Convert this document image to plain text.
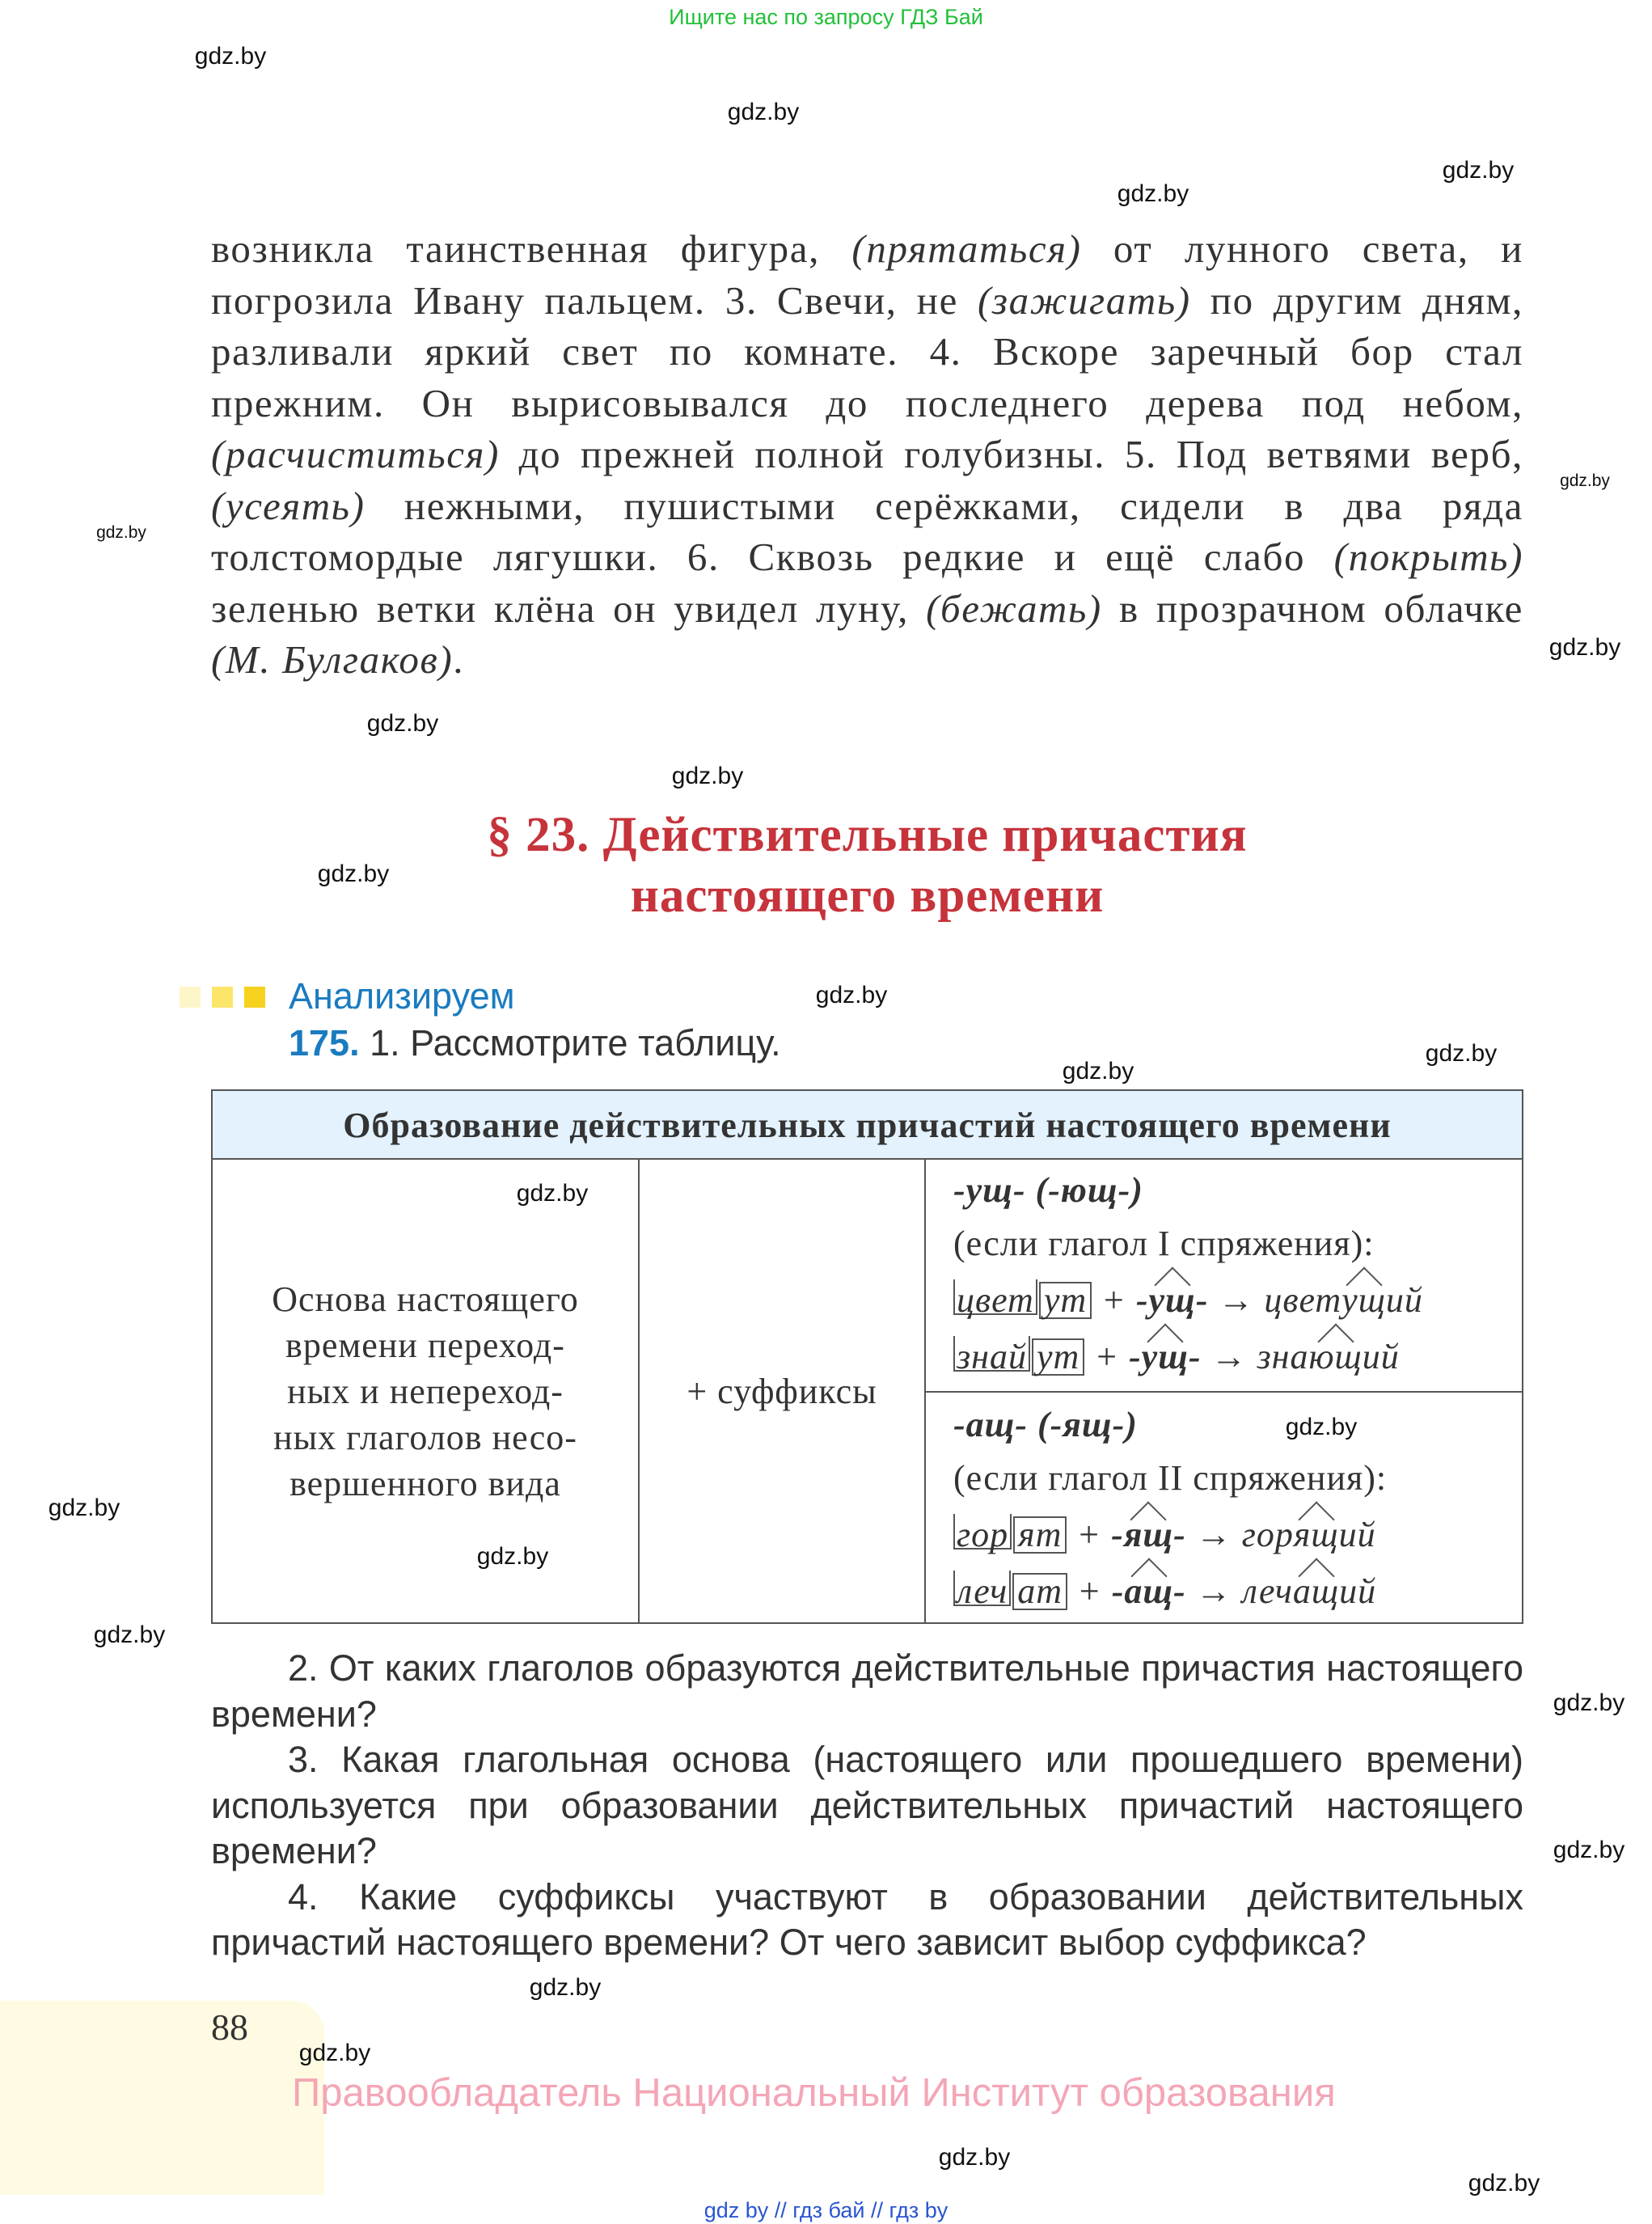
Ищите нас по запросу ГДЗ Бай
возникла таинственная фигура, (прятаться) от лунного света, и погрозила Ивану пальцем. 3. Свечи, не (зажигать) по другим дням, разливали яркий свет по комнате. 4. Вскоре заречный бор стал прежним. Он вырисовывался до последнего дерева под небом, (расчиститься) до прежней полной голубизны. 5. Под ветвями верб, (усеять) нежными, пушистыми серёжками, сидели в два ряда толстомордые лягушки. 6. Сквозь редкие и ещё слабо (покрыть) зеленью ветки клёна он увидел луну, (бежать) в прозрачном облачке (М. Булгаков).
§ 23. Действительные причастия
настоящего времени
Анализируем
175. 1. Рассмотрите таблицу.
Образование действительных причастий настоящего времени
Основа настоящего
времени переход-
ных и непереход-
ных глаголов несо-
вершенного вида
+ суффиксы
-ущ- (-ющ-)
(если глагол I спряжения):
цвет ут + -ущ- → цветущий
знай ут + -ущ- → знающий
-ащ- (-ящ-)
(если глагол II спряжения):
гор ят + -ящ- → горящий
леч ат + -ащ- → лечащий

2. От каких глаголов образуются действительные причастия настоящего времени?

3. Какая глагольная основа (настоящего или прошедшего времени) используется при образовании действительных причастий настоящего времени?

4. Какие суффиксы участвуют в образовании действительных причастий настоящего времени? От чего зависит выбор суффикса?

88
Правообладатель Национальный Институт образования
gdz by // гдз бай // гдз by
gdz.by
gdz.by
gdz.by
gdz.by
gdz.by
gdz.by
gdz.by
gdz.by
gdz.by
gdz.by
gdz.by
gdz.by
gdz.by
gdz.by
gdz.by
gdz.by
gdz.by
gdz.by
gdz.by
gdz.by
gdz.by
gdz.by
gdz.by
gdz.by
